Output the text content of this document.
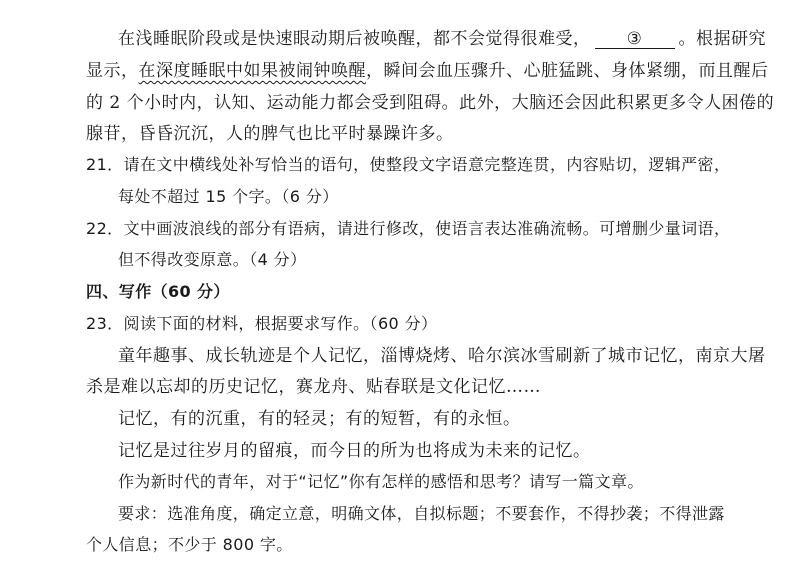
在浅睡眠阶段或是快速眼动期后被唤醒，都不会觉得很难受， ③ 。根据研究
显示，在深度睡眠中如果被闹钟唤醒，瞬间会血压骤升、心脏猛跳、身体紧绷，而且醒后
的 2 个小时内，认知、运动能力都会受到阻碍。此外，大脑还会因此积累更多令人困倦的
腺苷，昏昏沉沉，人的脾气也比平时暴躁许多。
21．请在文中横线处补写恰当的语句，使整段文字语意完整连贯，内容贴切，逻辑严密，
每处不超过 15 个字。（6 分）
22．文中画波浪线的部分有语病，请进行修改，使语言表达准确流畅。可增删少量词语，
但不得改变原意。（4 分）
四、写作（60 分）
23．阅读下面的材料，根据要求写作。（60 分）
童年趣事、成长轨迹是个人记忆，淄博烧烤、哈尔滨冰雪刷新了城市记忆，南京大屠
杀是难以忘却的历史记忆，赛龙舟、贴春联是文化记忆……
记忆，有的沉重，有的轻灵；有的短暂，有的永恒。
记忆是过往岁月的留痕，而今日的所为也将成为未来的记忆。
作为新时代的青年，对于“记忆”你有怎样的感悟和思考？请写一篇文章。
要求：选准角度，确定立意，明确文体，自拟标题；不要套作，不得抄袭；不得泄露
个人信息；不少于 800 字。
